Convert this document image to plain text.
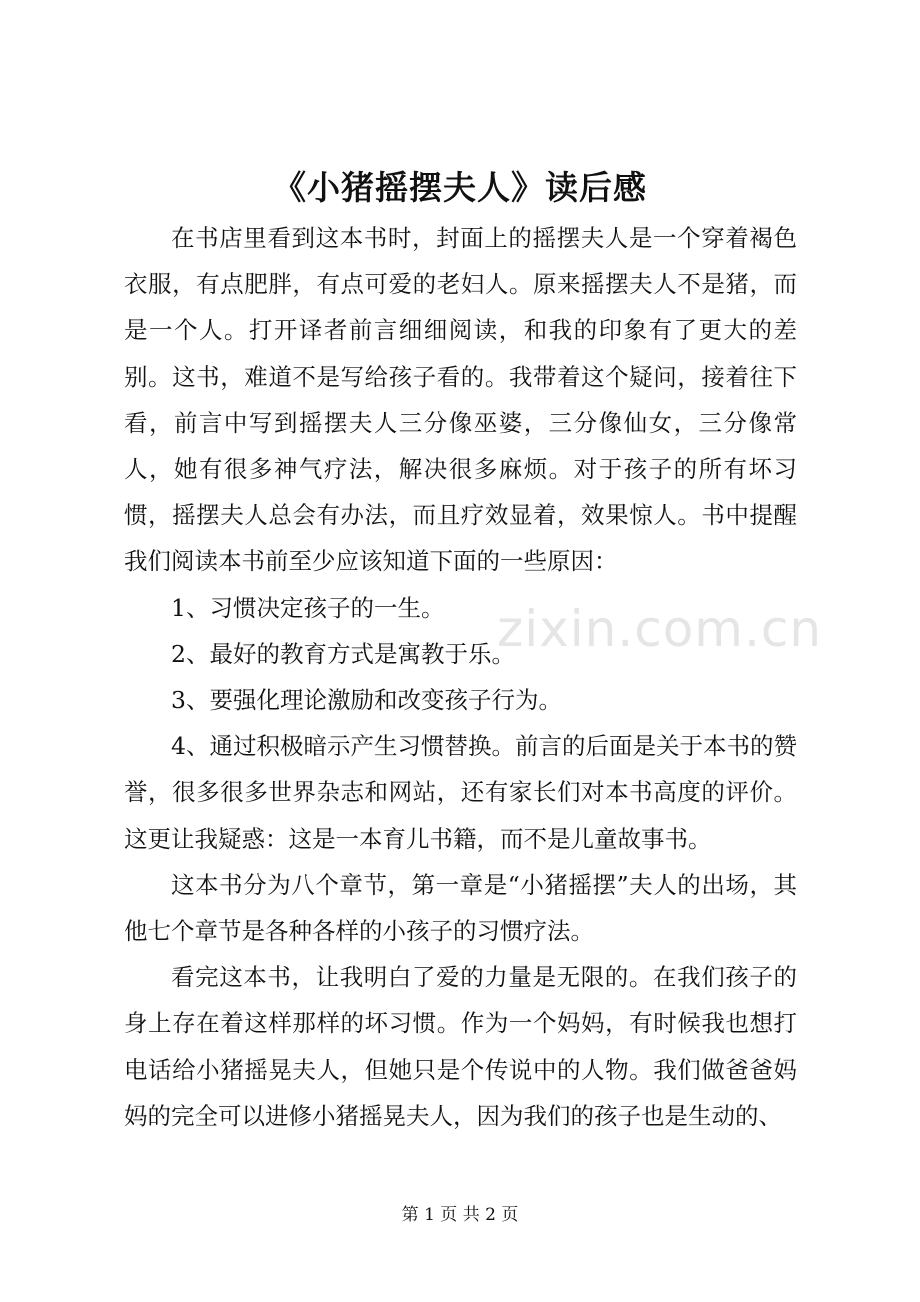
《小猪摇摆夫人》读后感

在书店里看到这本书时，封面上的摇摆夫人是一个穿着褐色衣服，有点肥胖，有点可爱的老妇人。原来摇摆夫人不是猪，而是一个人。打开译者前言细细阅读，和我的印象有了更大的差别。这书，难道不是写给孩子看的。我带着这个疑问，接着往下看，前言中写到摇摆夫人三分像巫婆，三分像仙女，三分像常人，她有很多神气疗法，解决很多麻烦。对于孩子的所有坏习惯，摇摆夫人总会有办法，而且疗效显着，效果惊人。书中提醒我们阅读本书前至少应该知道下面的一些原因：

1、习惯决定孩子的一生。

2、最好的教育方式是寓教于乐。

3、要强化理论激励和改变孩子行为。

4、通过积极暗示产生习惯替换。前言的后面是关于本书的赞誉，很多很多世界杂志和网站，还有家长们对本书高度的评价。这更让我疑惑：这是一本育儿书籍，而不是儿童故事书。

这本书分为八个章节，第一章是“小猪摇摆”夫人的出场，其他七个章节是各种各样的小孩子的习惯疗法。

看完这本书，让我明白了爱的力量是无限的。在我们孩子的身上存在着这样那样的坏习惯。作为一个妈妈，有时候我也想打电话给小猪摇晃夫人，但她只是个传说中的人物。我们做爸爸妈妈的完全可以进修小猪摇晃夫人，因为我们的孩子也是生动的、

zixin.com.cn
第 1 页 共 2 页
